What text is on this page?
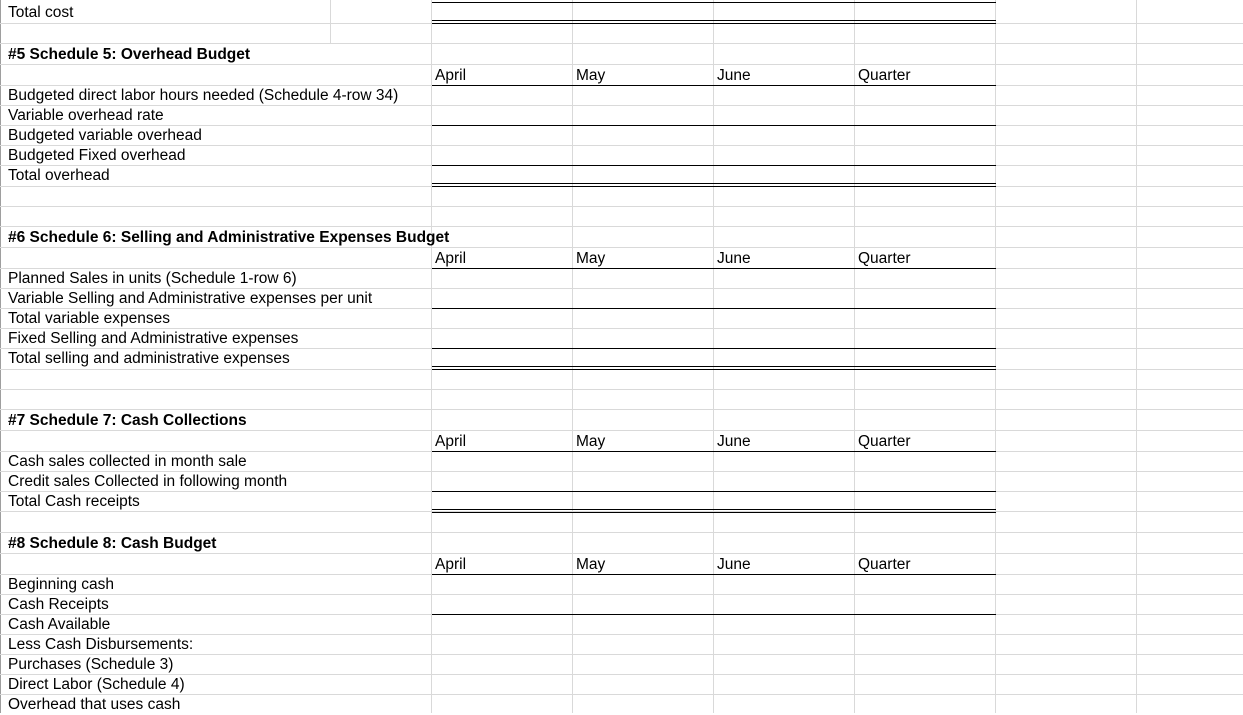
Total cost
#5 Schedule 5: Overhead Budget
April	May	June	Quarter
Budgeted direct labor hours needed (Schedule 4-row 34)
Variable overhead rate
Budgeted variable overhead
Budgeted Fixed overhead
Total overhead
#6 Schedule 6: Selling and Administrative Expenses Budget
April	May	June	Quarter
Planned Sales in units (Schedule 1-row 6)
Variable Selling and Administrative expenses per unit
Total variable expenses
Fixed Selling and Administrative expenses
Total selling and administrative expenses
#7 Schedule 7: Cash Collections
April	May	June	Quarter
Cash sales collected in month sale
Credit sales Collected in following month
Total Cash receipts
#8 Schedule 8: Cash Budget
April	May	June	Quarter
Beginning cash
Cash Receipts
Cash Available
Less Cash Disbursements:
Purchases (Schedule 3)
Direct Labor (Schedule 4)
Overhead that uses cash
